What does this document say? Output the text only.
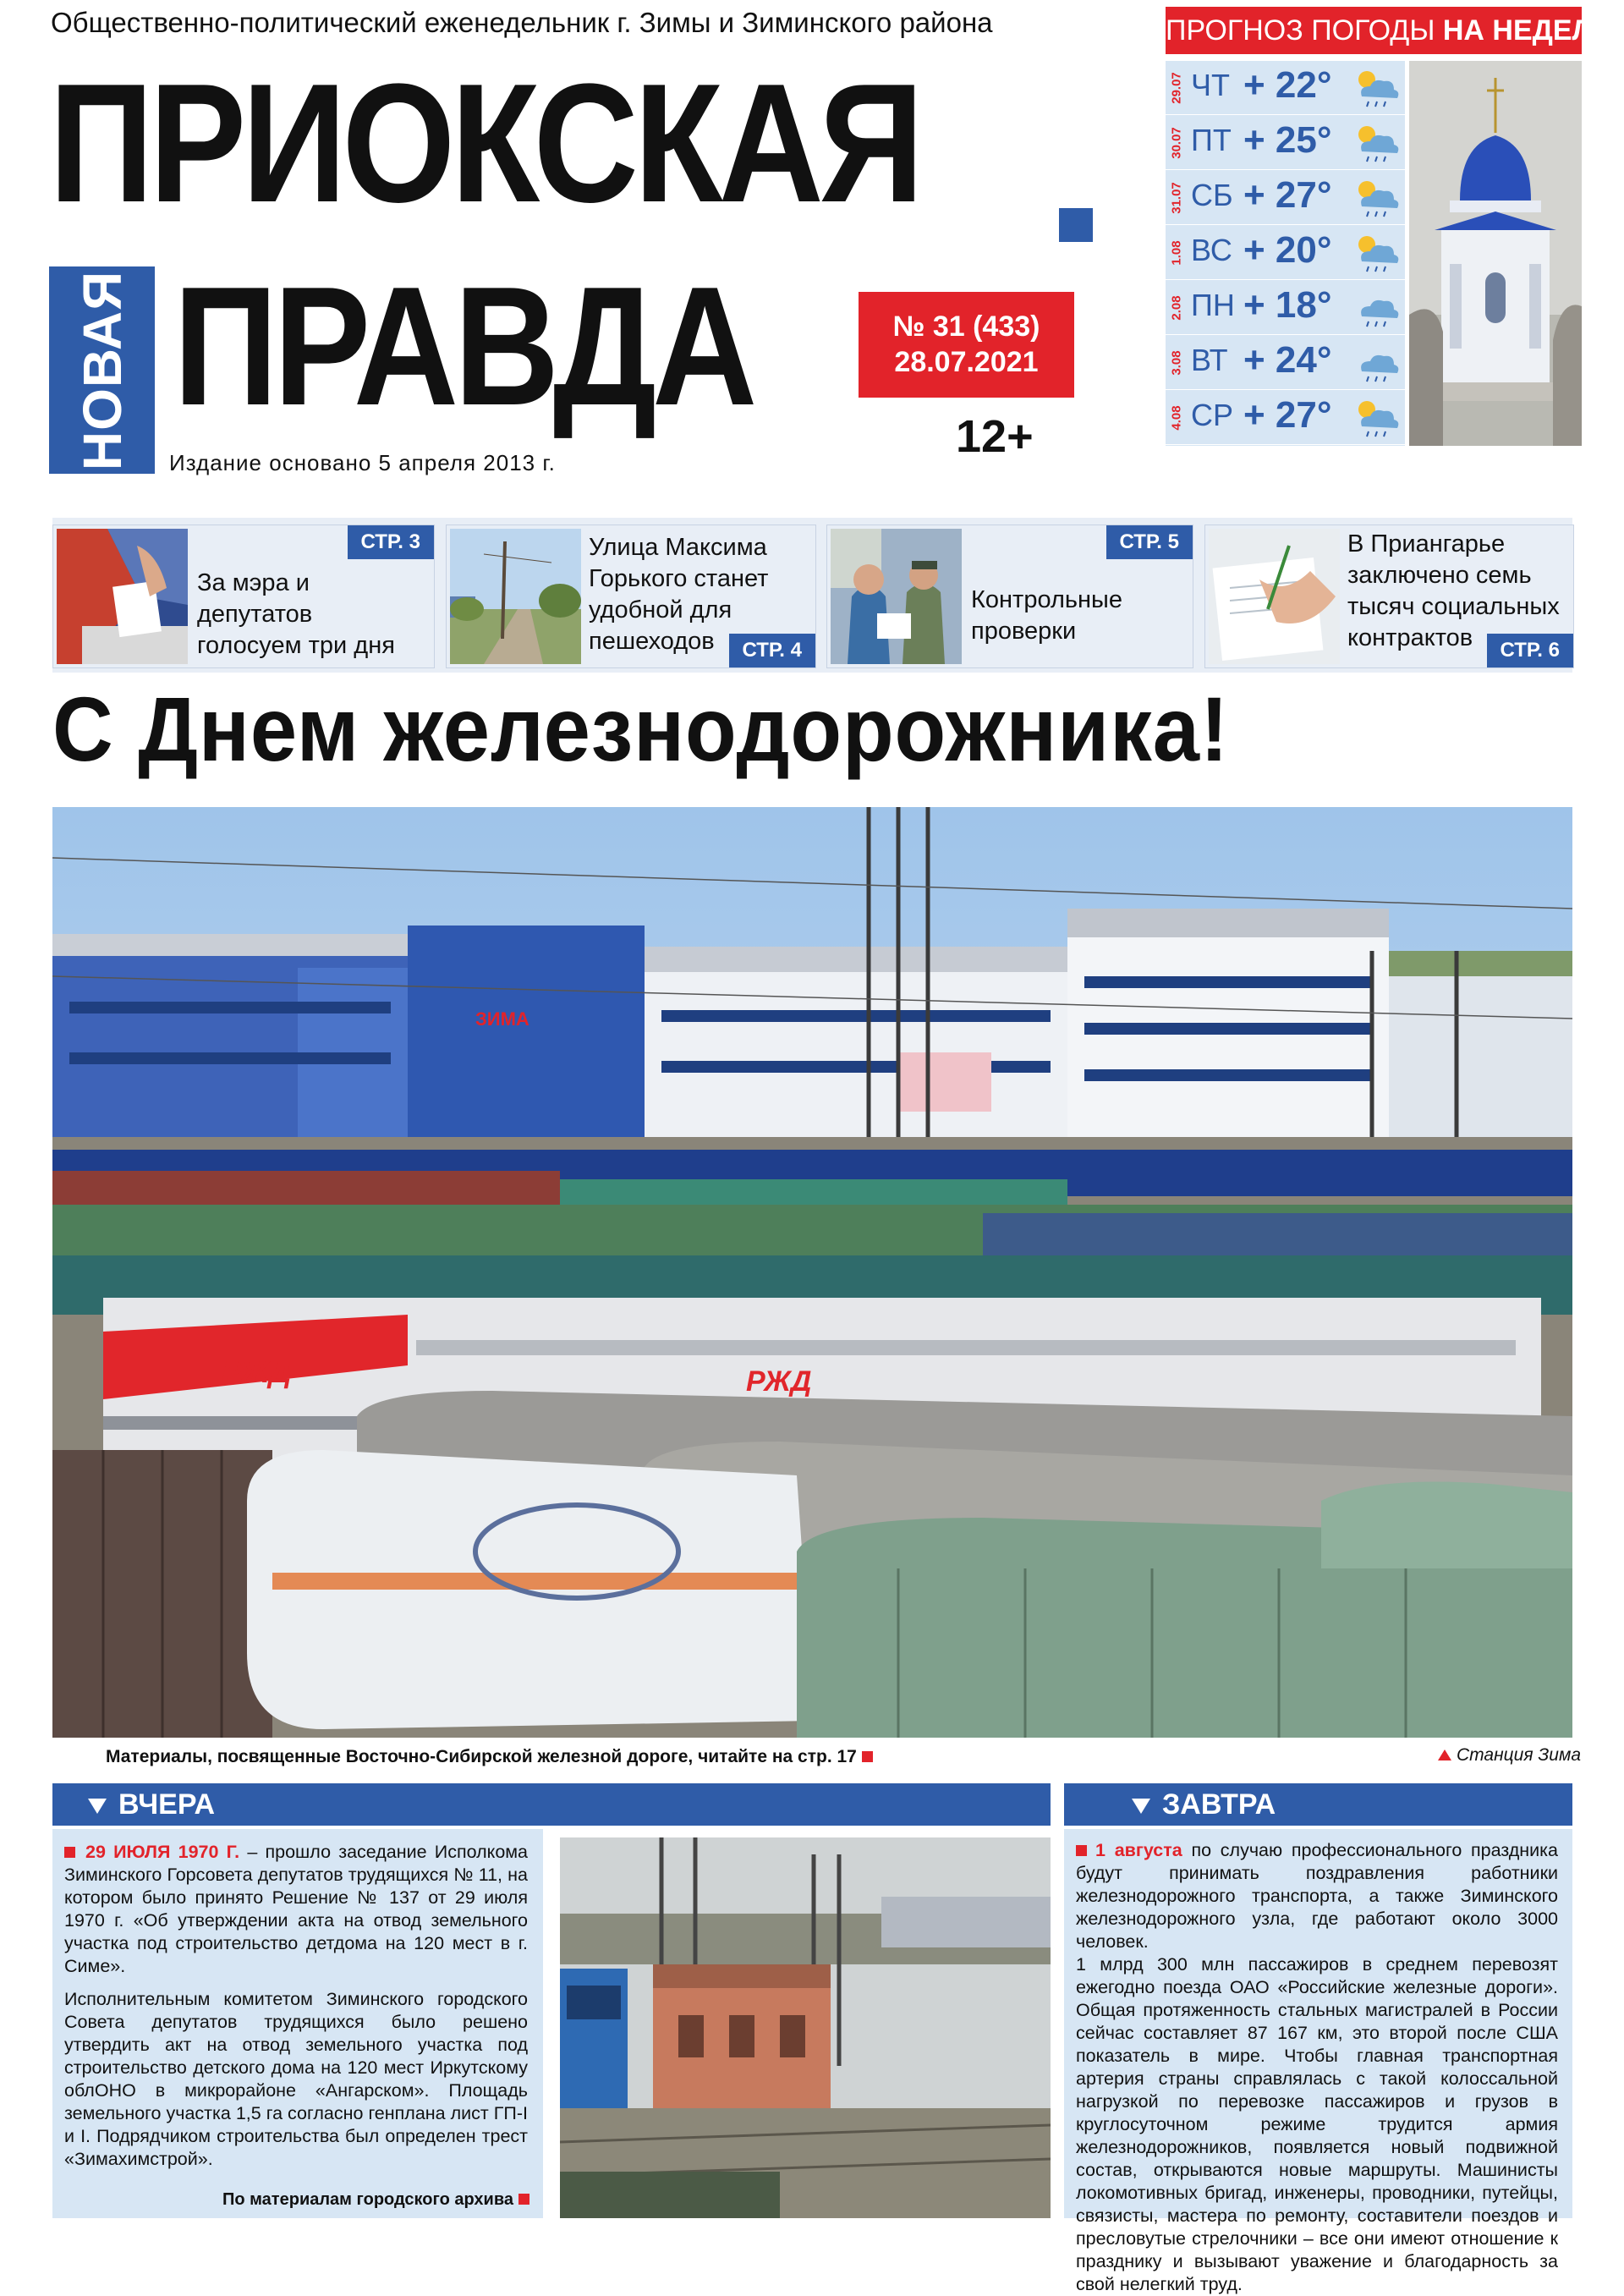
Общественно-политический еженедельник г. Зимы и Зиминского района
ПРИОКСКАЯ
НОВАЯ ПРАВДА
Издание основано 5 апреля 2013 г.
№ 31 (433)
28.07.2021
12+
ПРОГНОЗ ПОГОДЫ НА НЕДЕЛЮ
29.07 ЧТ + 22°
30.07 ПТ + 25°
31.07 СБ + 27°
1.08 ВС + 20°
2.08 ПН + 18°
3.08 ВТ + 24°
4.08 СР + 27°
За мэра и
депутатов
голосуем три дня
СТР. 3	Улица Максима
Горького станет
удобной для
пешеходов	СТР. 4
Контрольные
проверки
СТР. 5	В Приангарье
заключено семь
тысяч социальных
контрактов	СТР. 6
С Днем железнодорожника!
ЗИМА
РЖД	РЖД
Материалы, посвященные Восточно-Сибирской железной дороге, читайте на стр. 17	Станция Зима
ВЧЕРА	ЗАВТРА

29 ИЮЛЯ 1970 Г. – прошло заседание Исполкома Зиминского Горсовета депутатов трудящихся № 11, на котором было принято Решение № 137 от 29 июля 1970 г. «Об утверждении акта на отвод земельного участка под строительство детдома на 120 мест в г. Симе».

Исполнительным комитетом Зиминского городского Совета депутатов трудящихся было решено утвердить акт на отвод земельного участка под строительство детского дома на 120 мест Иркутскому облОНО в микрорайоне «Ангарском». Площадь земельного участка 1,5 га согласно генплана лист ГП-I и I. Подрядчиком строительства был определен трест «Зимахимстрой».

По материалам городского архива

1 августа по случаю профессионального праздника будут принимать поздравления работники железнодорожного транспорта, а также Зиминского железнодорожного узла, где работают около 3000 человек.

1 млрд 300 млн пассажиров в среднем перевозят ежегодно поезда ОАО «Российские железные дороги». Общая протяженность стальных магистралей в России сейчас составляет 87 167 км, это второй после США показатель в мире. Чтобы главная транспортная артерия страны справлялась с такой колоссальной нагрузкой по перевозке пассажиров и грузов в круглосуточном режиме трудится армия железнодорожников, появляется новый подвижной состав, открываются новые маршруты. Машинисты локомотивных бригад, инженеры, проводники, путейцы, связисты, мастера по ремонту, составители поездов и пресловутые стрелочники – все они имеют отношение к празднику и вызывают уважение и благодарность за свой нелегкий труд.
